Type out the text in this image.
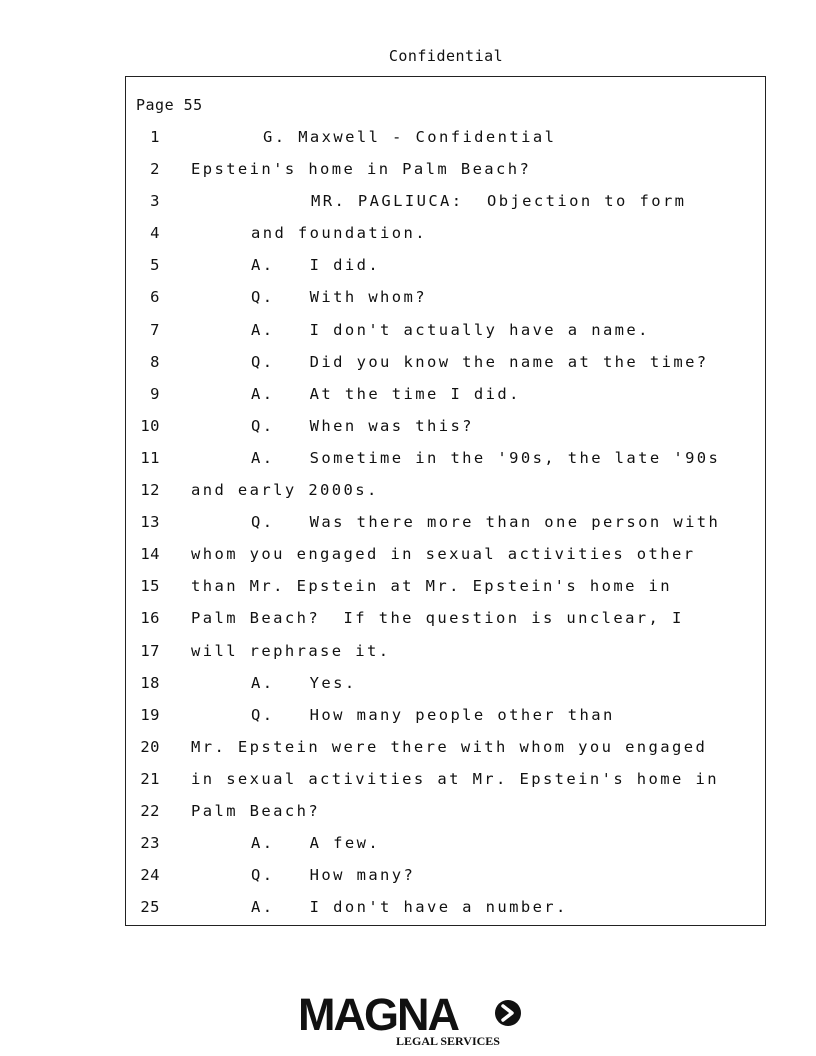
Confidential
Page 55
1	G. Maxwell - Confidential
2 Epstein's home in Palm Beach?
3	MR. PAGLIUCA:  Objection to form
4	and foundation.
5	A.   I did.
6	Q.   With whom?
7	A.   I don't actually have a name.
8	Q.   Did you know the name at the time?
9	A.   At the time I did.
10	Q.   When was this?
11	A.   Sometime in the '90s, the late '90s
12 and early 2000s.
13	Q.   Was there more than one person with
14 whom you engaged in sexual activities other
15 than Mr. Epstein at Mr. Epstein's home in
16 Palm Beach?  If the question is unclear, I
17 will rephrase it.
18	A.   Yes.
19	Q.   How many people other than
20 Mr. Epstein were there with whom you engaged
21 in sexual activities at Mr. Epstein's home in
22 Palm Beach?
23	A.   A few.
24	Q.   How many?
25	A.   I don't have a number.
MAGNA
LEGAL SERVICES
